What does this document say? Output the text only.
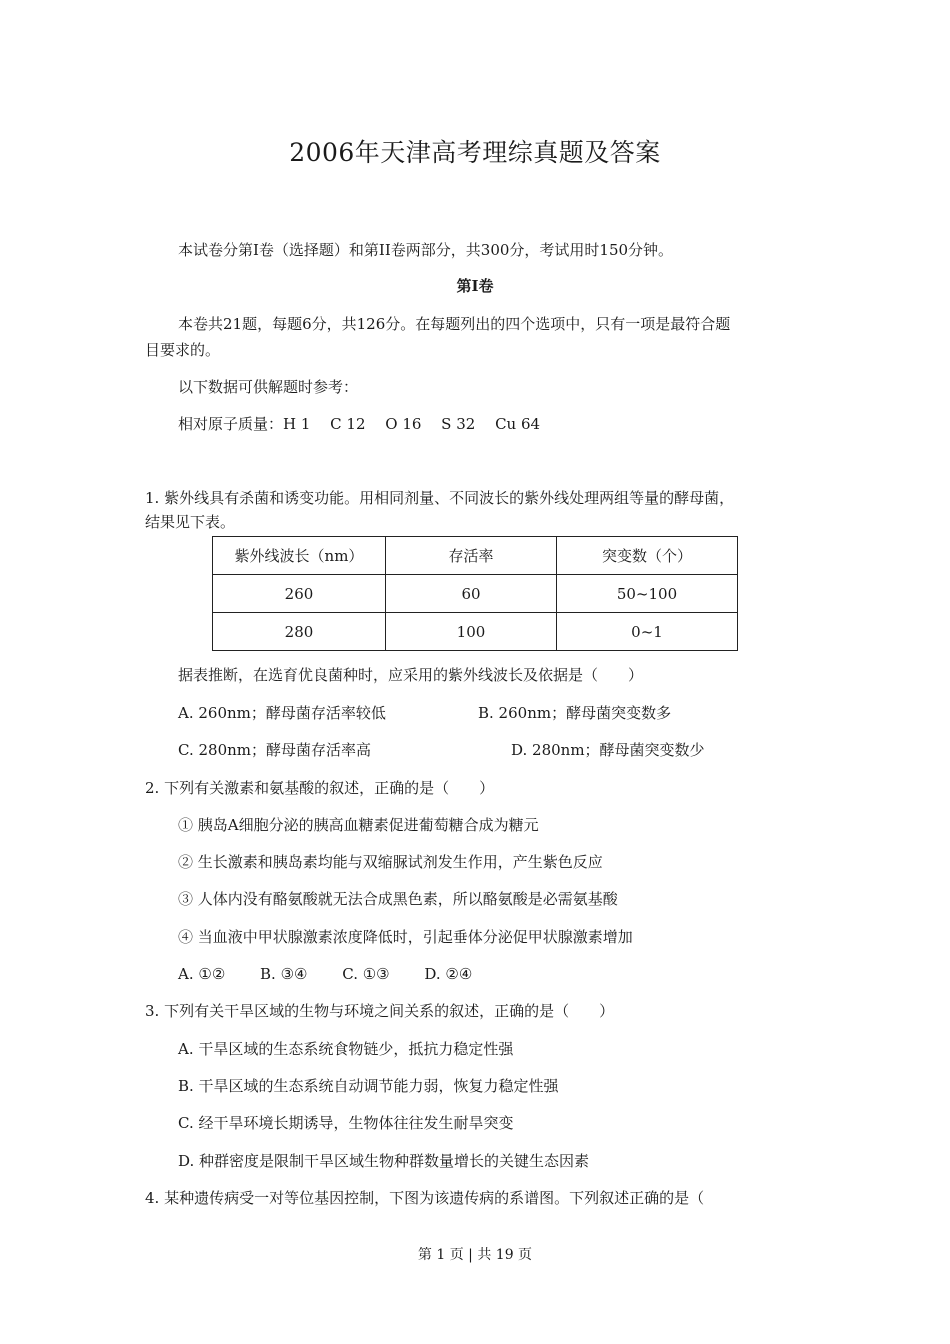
2006年天津高考理综真题及答案
本试卷分第I卷（选择题）和第II卷两部分，共300分，考试用时150分钟。
第I卷
本卷共21题，每题6分，共126分。在每题列出的四个选项中，只有一项是最符合题
目要求的。
以下数据可供解题时参考：
相对原子质量：H 1　 C 12　 O 16　 S 32　 Cu 64
1. 紫外线具有杀菌和诱变功能。用相同剂量、不同波长的紫外线处理两组等量的酵母菌，
结果见下表。
紫外线波长（nm）	存活率	突变数（个）
260	60	50~100
280	100	0~1
据表推断，在选育优良菌种时，应采用的紫外线波长及依据是（　　）
A. 260nm；酵母菌存活率较低	B. 260nm；酵母菌突变数多
C. 280nm；酵母菌存活率高	D. 280nm；酵母菌突变数少
2. 下列有关激素和氨基酸的叙述，正确的是（　　）
① 胰岛A细胞分泌的胰高血糖素促进葡萄糖合成为糖元
② 生长激素和胰岛素均能与双缩脲试剂发生作用，产生紫色反应
③ 人体内没有酪氨酸就无法合成黑色素，所以酪氨酸是必需氨基酸
④ 当血液中甲状腺激素浓度降低时，引起垂体分泌促甲状腺激素增加
A. ①②　　 B. ③④　　 C. ①③　　 D. ②④
3. 下列有关干旱区域的生物与环境之间关系的叙述，正确的是（　　）
A. 干旱区域的生态系统食物链少，抵抗力稳定性强
B. 干旱区域的生态系统自动调节能力弱，恢复力稳定性强
C. 经干旱环境长期诱导，生物体往往发生耐旱突变
D. 种群密度是限制干旱区域生物种群数量增长的关键生态因素
4. 某种遗传病受一对等位基因控制，下图为该遗传病的系谱图。下列叙述正确的是（
第 1 页 | 共 19 页
